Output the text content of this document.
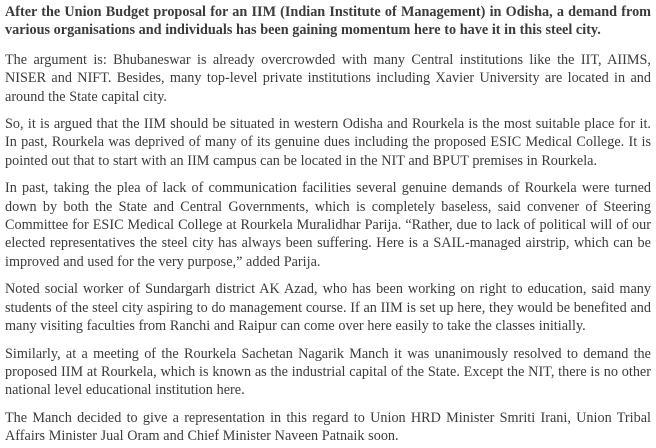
After the Union Budget proposal for an IIM (Indian Institute of Management) in Odisha, a demand from various organisations and individuals has been gaining momentum here to have it in this steel city.

The argument is: Bhubaneswar is already overcrowded with many Central institutions like the IIT, AIIMS, NISER and NIFT. Besides, many top-level private institutions including Xavier University are located in and around the State capital city.

So, it is argued that the IIM should be situated in western Odisha and Rourkela is the most suitable place for it. In past, Rourkela was deprived of many of its genuine dues including the proposed ESIC Medical College. It is pointed out that to start with an IIM campus can be located in the NIT and BPUT premises in Rourkela.

In past, taking the plea of lack of communication facilities several genuine demands of Rourkela were turned down by both the State and Central Governments, which is completely baseless, said convener of Steering Committee for ESIC Medical College at Rourkela Muralidhar Parija. “Rather, due to lack of political will of our elected representatives the steel city has always been suffering. Here is a SAIL-managed airstrip, which can be improved and used for the very purpose,” added Parija.

Noted social worker of Sundargarh district AK Azad, who has been working on right to education, said many students of the steel city aspiring to do management course. If an IIM is set up here, they would be benefited and many visiting faculties from Ranchi and Raipur can come over here easily to take the classes initially.

Similarly, at a meeting of the Rourkela Sachetan Nagarik Manch it was unanimously resolved to demand the proposed IIM at Rourkela, which is known as the industrial capital of the State. Except the NIT, there is no other national level educational institution here.

The Manch decided to give a representation in this regard to Union HRD Minister Smriti Irani, Union Tribal Affairs Minister Jual Oram and Chief Minister Naveen Patnaik soon.
